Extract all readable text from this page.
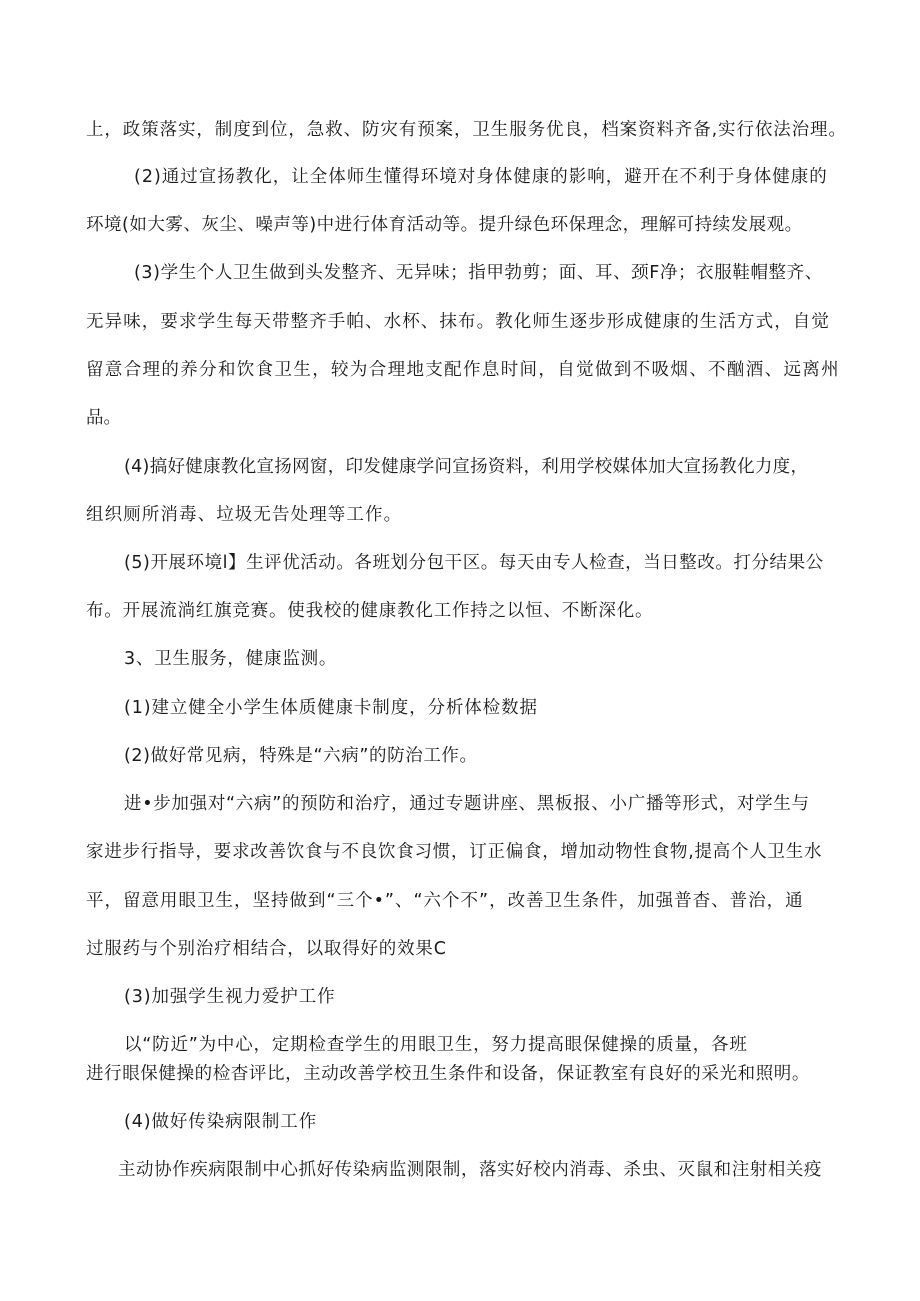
上，政策落实，制度到位，急救、防灾有预案，卫生服务优良，档案资料齐备,实行依法治理。
(2)通过宣扬教化，让全体师生懂得环境对身体健康的影响，避开在不利于身体健康的
环境(如大雾、灰尘、噪声等)中进行体育活动等。提升绿色环保理念，理解可持续发展观。
(3)学生个人卫生做到头发整齐、无异味；指甲勃剪；面、耳、颈F净；衣服鞋帽整齐、
无异味，要求学生每天带整齐手帕、水杯、抹布。教化师生逐步形成健康的生活方式，自觉
留意合理的养分和饮食卫生，较为合理地支配作息时间，自觉做到不吸烟、不酗酒、远离州
品。
(4)搞好健康教化宣扬网窗，印发健康学问宣扬资料，利用学校媒体加大宣扬教化力度，
组织厕所消毒、垃圾无告处理等工作。
(5)开展环境l】生评优活动。各班划分包干区。每天由专人检查，当日整改。打分结果公
布。开展流淌红旗竞赛。使我校的健康教化工作持之以恒、不断深化。
3、卫生服务，健康监测。
(1)建立健全小学生体质健康卡制度，分析体检数据
(2)做好常见病，特殊是“六病”的防治工作。
进•步加强对“六病”的预防和治疗，通过专题讲座、黑板报、小广播等形式，对学生与
家进步行指导，要求改善饮食与不良饮食习惯，订正偏食，增加动物性食物,提高个人卫生水
平，留意用眼卫生，坚持做到“三个•”、“六个不”，改善卫生条件，加强普杳、普治，通
过服药与个别治疗相结合，以取得好的效果C
(3)加强学生视力爱护工作
以“防近”为中心，定期检查学生的用眼卫生，努力提高眼保健操的质量，各班
进行眼保健操的检杳评比，主动改善学校丑生条件和设备，保证教室有良好的采光和照明。
(4)做好传染病限制工作
主动协作疾病限制中心抓好传染病监测限制，落实好校内消毒、杀虫、灭鼠和注射相关疫
